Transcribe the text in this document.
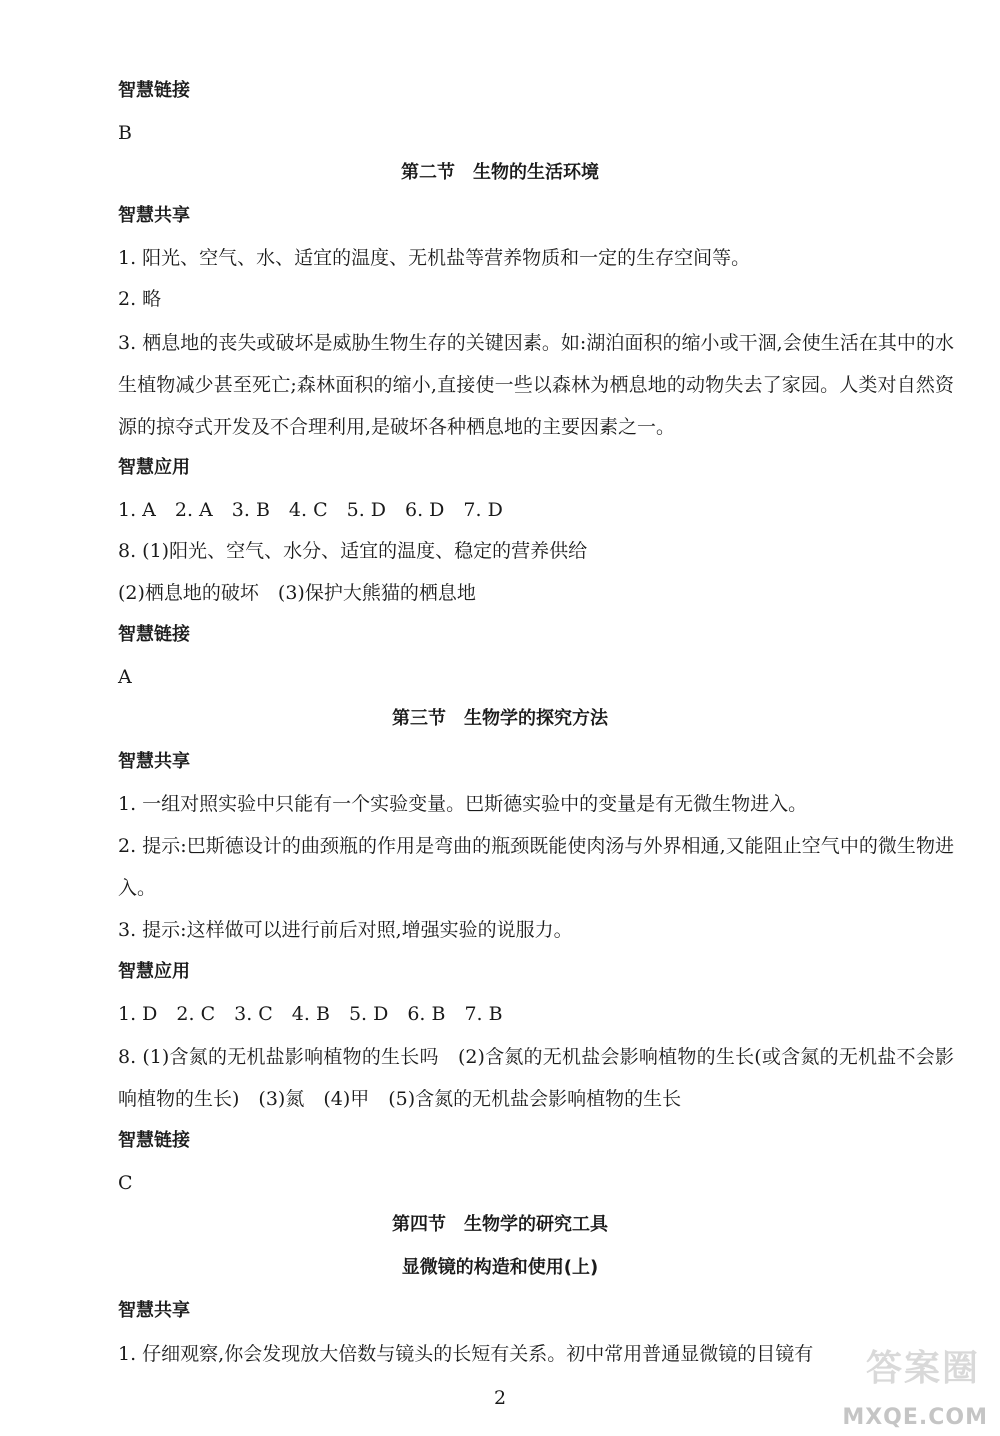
智慧链接
B
第二节　生物的生活环境
智慧共享
1. 阳光、空气、水、适宜的温度、无机盐等营养物质和一定的生存空间等。
2. 略
3. 栖息地的丧失或破坏是威胁生物生存的关键因素。如:湖泊面积的缩小或干涸,会使生活在其中的水生植物减少甚至死亡;森林面积的缩小,直接使一些以森林为栖息地的动物失去了家园。人类对自然资源的掠夺式开发及不合理利用,是破坏各种栖息地的主要因素之一。
智慧应用
1. A　2. A　3. B　4. C　5. D　6. D　7. D
8. (1)阳光、空气、水分、适宜的温度、稳定的营养供给
(2)栖息地的破坏　(3)保护大熊猫的栖息地
智慧链接
A
第三节　生物学的探究方法
智慧共享
1. 一组对照实验中只能有一个实验变量。巴斯德实验中的变量是有无微生物进入。
2. 提示:巴斯德设计的曲颈瓶的作用是弯曲的瓶颈既能使肉汤与外界相通,又能阻止空气中的微生物进入。
3. 提示:这样做可以进行前后对照,增强实验的说服力。
智慧应用
1. D　2. C　3. C　4. B　5. D　6. B　7. B
8. (1)含氮的无机盐影响植物的生长吗　(2)含氮的无机盐会影响植物的生长(或含氮的无机盐不会影响植物的生长)　(3)氮　(4)甲　(5)含氮的无机盐会影响植物的生长
智慧链接
C
第四节　生物学的研究工具
显微镜的构造和使用(上)
智慧共享
1. 仔细观察,你会发现放大倍数与镜头的长短有关系。初中常用普通显微镜的目镜有
2
答案圈
MXQE.COM
